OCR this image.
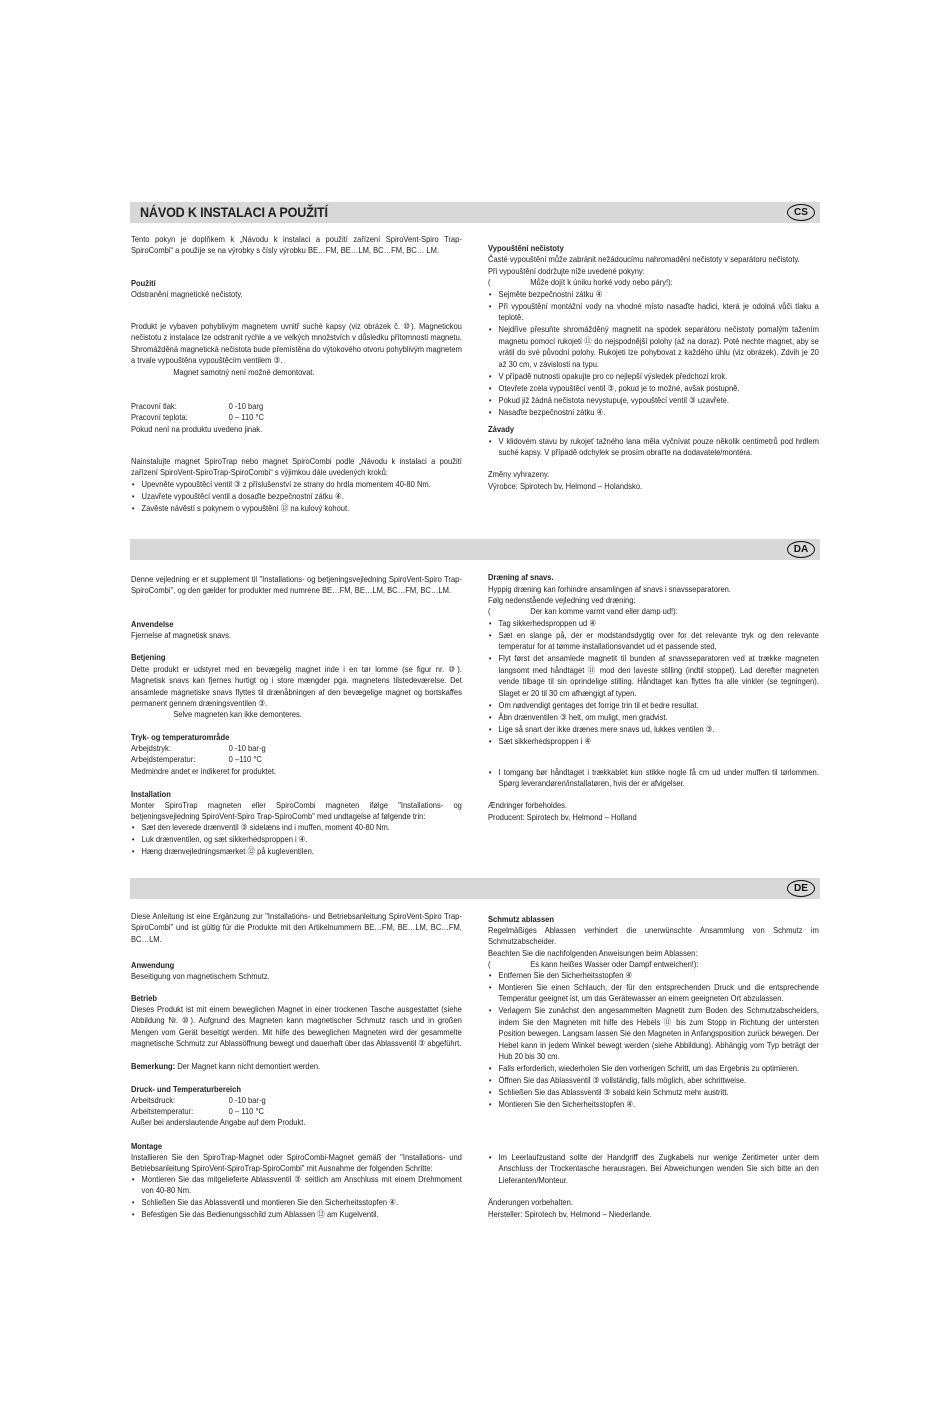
NÁVOD K INSTALACI A POUŽITÍ	CS
Tento pokyn je doplňkem k „Návodu k instalaci a použití zařízení SpiroVent-Spiro Trap-SpiroCombi“ a použije se na výrobky s čísly výrobku BE…FM, BE…LM, BC…FM, BC… LM.
Použití
Odstranění magnetické nečistoty.
Produkt je vybaven pohyblivým magnetem uvnitř suché kapsy (viz obrázek č. ⑩). Magnetickou nečistotu z instalace lze odstranit rychle a ve velkých množstvích v důsledku přítomnosti magnetu. Shromážděná magnetická nečistota bude přemístěna do výtokového otvoru pohyblivým magnetem a trvale vypouštěna vypouštěcím ventilem ③.
Magnet samotný není možné demontovat.
Pracovní tlak:	0 -10 barg
Pracovní teplota:	0 – 110 °C
Pokud není na produktu uvedeno jinak.
Nainstalujte magnet SpiroTrap nebo magnet SpiroCombi podle „Návodu k instalaci a použití zařízení SpiroVent-SpiroTrap-SpiroCombi“ s výjimkou dále uvedených kroků:
• Upevněte vypouštěcí ventil ③ z příslušenství ze strany do hrdla momentem 40-80 Nm.
• Uzavřete vypouštěcí ventil a dosaďte bezpečnostní zátku ④.
• Zavěste návěstí s pokynem o vypouštění ⑫ na kulový kohout.
Vypouštění nečistoty
Časté vypouštění může zabránit nežádoucímu nahromadění nečistoty v separátoru nečistoty.
Při vypouštění dodržujte níže uvedené pokyny:
(	Může dojít k úniku horké vody nebo páry!):
• Sejměte bezpečnostní zátku ④
• Při vypouštění montážní vody na vhodné místo nasaďte hadici, která je odolná vůči tlaku a teplotě.
• Nejdříve přesuňte shromážděný magnetit na spodek separátoru nečistoty pomalým tažením magnetu pomocí rukojeti ⑪ do nejspodnější polohy (až na doraz). Poté nechte magnet, aby se vrátil do své původní polohy. Rukojeti lze pohybovat z každého úhlu (viz obrázek). Zdvih je 20 až 30 cm, v závislosti na typu.
• V případě nutnosti opakujte pro co nejlepší výsledek předchozí krok.
• Otevřete zcela vypouštěcí ventil ③, pokud je to možné, avšak postupně.
• Pokud již žádná nečistota nevystupuje, vypouštěcí ventil ③ uzavřete.
• Nasaďte bezpečnostní zátku ④.
Závady
• V klidovém stavu by rukojeť tažného lana měla vyčnívat pouze několik centimetrů pod hrdlem suché kapsy. V případě odchylek se prosím obraťte na dodavatele/montéra.
Změny vyhrazeny.
Výrobce: Spirotech bv, Helmond – Holandsko.
DA
Denne vejledning er et supplement til "Installations- og betjeningsvejledning SpiroVent-Spiro Trap-SpiroCombi", og den gælder for produkter med numrene BE…FM, BE…LM, BC…FM, BC…LM.
Anvendelse
Fjernelse af magnetisk snavs.
Betjening
Dette produkt er udstyret med en bevægelig magnet inde i en tør lomme (se figur nr. ⑩). Magnetisk snavs kan fjernes hurtigt og i store mængder pga. magnetens tilstedeværelse. Det ansamlede magnetiske snavs flyttes til drænåbningen af den bevægelige magnet og bortskaffes permanent gennem dræningsventilen ③.
Selve magneten kan ikke demonteres.
Tryk- og temperaturområde
Arbejdstryk:	0 -10 bar-g
Arbejdstemperatur:	0 –110 °C
Medmindre andet er indikeret for produktet.
Installation
Monter SpiroTrap magneten eller SpiroCombi magneten ifølge "Installations- og betjeningsvejledning SpiroVent-Spiro Trap-SpiroComb" med undtagelse af følgende trin:
• Sæt den leverede drænventil ③ sidelæns ind i muffen, moment 40-80 Nm.
• Luk drænventilen, og sæt sikkerhedsproppen i ④.
• Hæng drænvejledningsmærket ⑫ på kugleventilen.
Dræning af snavs.
Hyppig dræning kan forhindre ansamlingen af snavs i snavsseparatoren.
Følg nedenstående vejledning ved dræning:
(	Der kan komme varmt vand eller damp ud!):
• Tag sikkerhedsproppen ud ④
• Sæt en slange på, der er modstandsdygtig over for det relevante tryk og den relevante temperatur for at tømme installationsvandet ud et passende sted,
• Flyt først det ansamlede magnetit til bunden af snavsseparatoren ved at trække magneten langsomt med håndtaget ⑪ mod den laveste stilling (indtil stoppet). Lad derefter magneten vende tilbage til sin oprindelige stilling. Håndtaget kan flyttes fra alle vinkler (se tegningen). Slaget er 20 til 30 cm afhængigt af typen.
• Om nødvendigt gentages det forrige trin til et bedre resultat.
• Åbn drænventilen ③ helt, om muligt, men gradvist.
• Lige så snart der ikke drænes mere snavs ud, lukkes ventilen ③.
• Sæt sikkerhedsproppen i ④
• I tomgang bør håndtaget i trækkablet kun stikke nogle få cm ud under muffen til tørlommen. Spørg leverandøren/installatøren, hvis der er afvigelser.
Ændringer forbeholdes.
Producent: Spirotech bv, Helmond – Holland
DE
Diese Anleitung ist eine Ergänzung zur "Installations- und Betriebsanleitung SpiroVent-Spiro Trap-SpiroCombi" und ist gültig für die Produkte mit den Artikelnummern BE…FM, BE…LM, BC…FM, BC…LM.
Anwendung
Beseitigung von magnetischem Schmutz.
Betrieb
Dieses Produkt ist mit einem beweglichen Magnet in einer trockenen Tasche ausgestattet (siehe Abbildung Nr. ⑩). Aufgrund des Magneten kann magnetischer Schmutz rasch und in großen Mengen vom Gerät beseitigt werden. Mit hilfe des beweglichen Magneten wird der gesammelte magnetische Schmutz zur Ablassöffnung bewegt und dauerhaft über das Ablassventil ③ abgeführt.
Bemerkung: Der Magnet kann nicht demontiert werden.
Druck- und Temperaturbereich
Arbeitsdruck:	0 -10 bar-g
Arbeitstemperatur:	0 – 110 °C
Außer bei anderslautende Angabe auf dem Produkt.
Montage
Installieren Sie den SpiroTrap-Magnet oder SpiroCombi-Magnet gemäß der "Installations- und Betriebsanleitung SpiroVent-SpiroTrap-SpiroCombi" mit Ausnahme der folgenden Schritte:
• Montieren Sie das mitgelieferte Ablassventil ③ seitlich am Anschluss mit einem Drehmoment von 40-80 Nm.
• Schließen Sie das Ablassventil und montieren Sie den Sicherheitsstopfen ④.
• Befestigen Sie das Bedienungsschild zum Ablassen ⑫ am Kugelventil.
Schmutz ablassen
Regelmäßiges Ablassen verhindert die unerwünschte Ansammlung von Schmutz im Schmutzabscheider.
Beachten Sie die nachfolgenden Anweisungen beim Ablassen:
(	Es kann heißes Wasser oder Dampf entweichen!):
• Entfernen Sie den Sicherheitsstopfen ④
• Montieren Sie einen Schlauch, der für den entsprechenden Druck und die entsprechende Temperatur geeignet ist, um das Gerätewasser an einem geeigneten Ort abzulassen.
• Verlagern Sie zunächst den angesammelten Magnetit zum Boden des Schmutzabscheiders, indem Sie den Magneten mit hilfe des Hebels ⑪ bis zum Stopp in Richtung der untersten Position bewegen. Langsam lassen Sie den Magneten in Anfangsposition zurück bewegen. Der Hebel kann in jedem Winkel bewegt werden (siehe Abbildung). Abhängig vom Typ beträgt der Hub 20 bis 30 cm.
• Falls erforderlich, wiederholen Sie den vorherigen Schritt, um das Ergebnis zu optimieren.
• Öffnen Sie das Ablassventil ③ vollständig, falls möglich, aber schrittweise.
• Schließen Sie das Ablassventil ③ sobald kein Schmutz mehr austritt.
• Montieren Sie den Sicherheitsstopfen ④.
• Im Leerlaufzustand sollte der Handgriff des Zugkabels nur wenige Zentimeter unter dem Anschluss der Trockentasche herausragen. Bei Abweichungen wenden Sie sich bitte an den Lieferanten/Monteur.
Änderungen vorbehalten.
Hersteller: Spirotech bv, Helmond – Niederlande.
